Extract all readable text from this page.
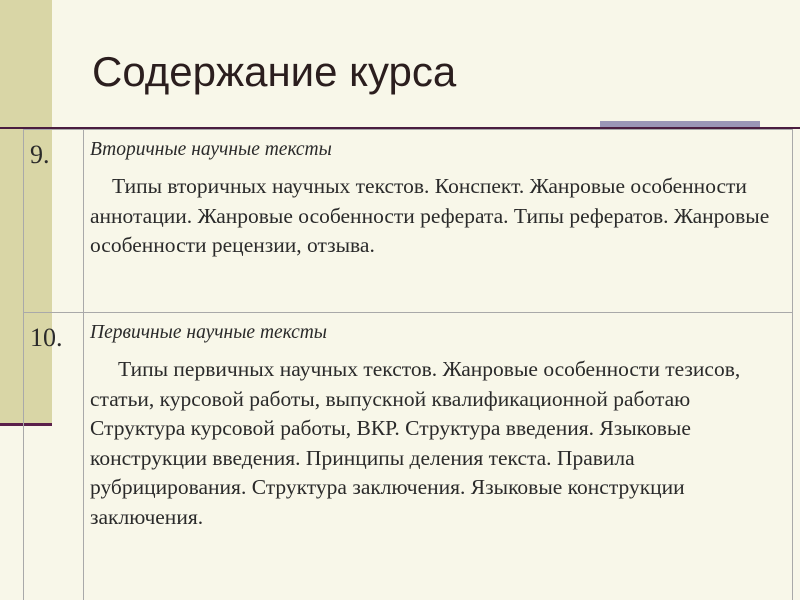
Содержание курса
9.	Вторичные научные тексты

Типы вторичных научных текстов. Конспект. Жанровые особенности аннотации. Жанровые особенности реферата. Типы рефератов. Жанровые особенности рецензии, отзыва.

10.	Первичные научные тексты

Типы первичных научных текстов. Жанровые особенности тезисов, статьи, курсовой работы, выпускной квалификационной работаю Структура курсовой работы, ВКР. Структура введения. Языковые конструкции введения. Принципы деления текста. Правила рубрицирования. Структура заключения. Языковые конструкции заключения.
